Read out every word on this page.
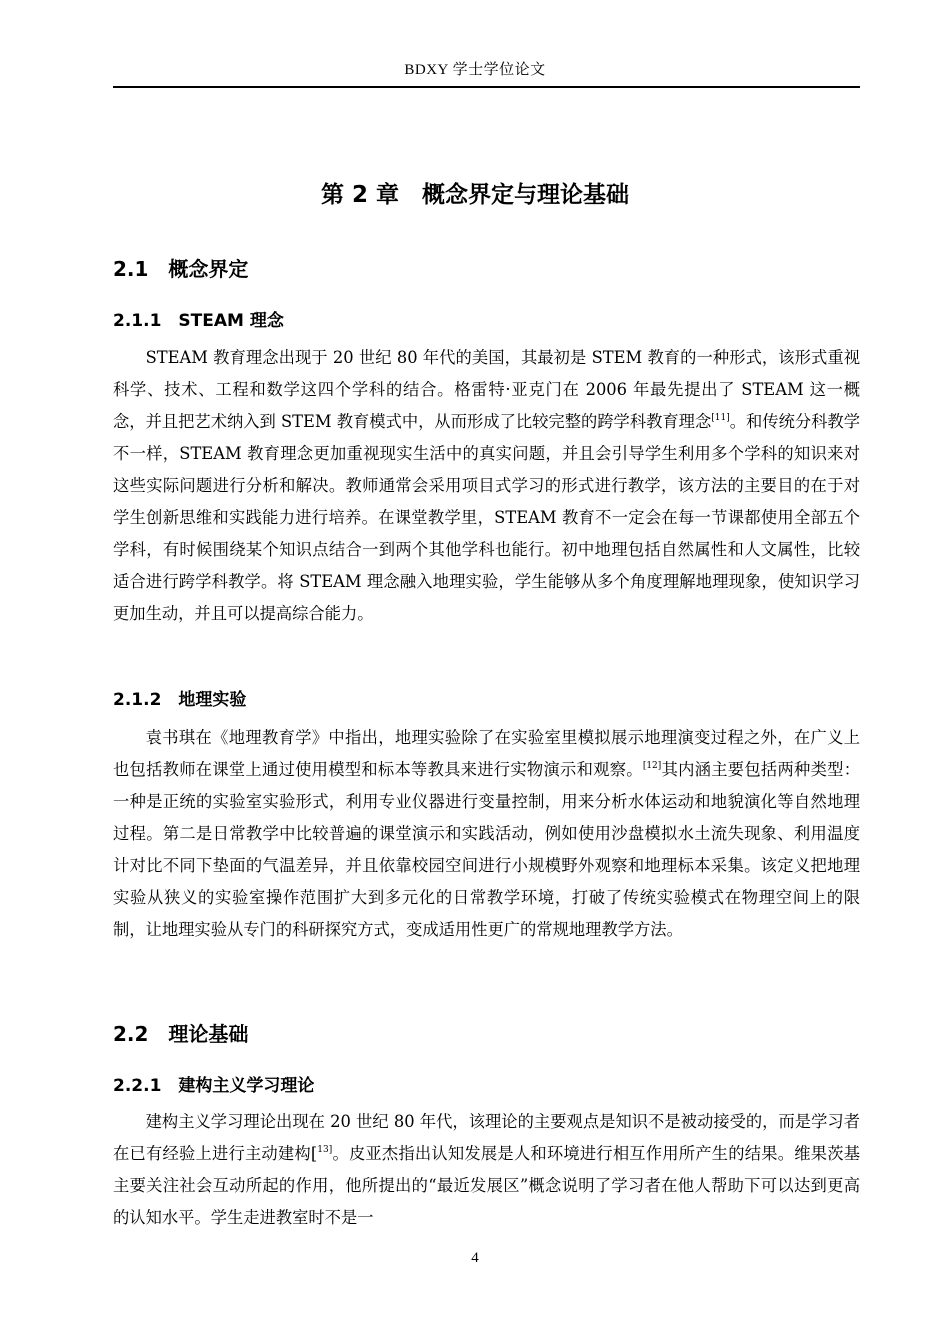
BDXY 学士学位论文
第 2 章　概念界定与理论基础
2.1　概念界定
2.1.1　STEAM 理念

STEAM 教育理念出现于 20 世纪 80 年代的美国，其最初是 STEM 教育的一种形式，该形式重视科学、技术、工程和数学这四个学科的结合。格雷特·亚克门在 2006 年最先提出了 STEAM 这一概念，并且把艺术纳入到 STEM 教育模式中，从而形成了比较完整的跨学科教育理念[11]。和传统分科教学不一样，STEAM 教育理念更加重视现实生活中的真实问题，并且会引导学生利用多个学科的知识来对这些实际问题进行分析和解决。教师通常会采用项目式学习的形式进行教学，该方法的主要目的在于对学生创新思维和实践能力进行培养。在课堂教学里，STEAM 教育不一定会在每一节课都使用全部五个学科，有时候围绕某个知识点结合一到两个其他学科也能行。初中地理包括自然属性和人文属性，比较适合进行跨学科教学。将 STEAM 理念融入地理实验，学生能够从多个角度理解地理现象，使知识学习更加生动，并且可以提高综合能力。

2.1.2　地理实验

袁书琪在《地理教育学》中指出，地理实验除了在实验室里模拟展示地理演变过程之外，在广义上也包括教师在课堂上通过使用模型和标本等教具来进行实物演示和观察。[12]其内涵主要包括两种类型：一种是正统的实验室实验形式，利用专业仪器进行变量控制，用来分析水体运动和地貌演化等自然地理过程。第二是日常教学中比较普遍的课堂演示和实践活动，例如使用沙盘模拟水土流失现象、利用温度计对比不同下垫面的气温差异，并且依靠校园空间进行小规模野外观察和地理标本采集。该定义把地理实验从狭义的实验室操作范围扩大到多元化的日常教学环境，打破了传统实验模式在物理空间上的限制，让地理实验从专门的科研探究方式，变成适用性更广的常规地理教学方法。

2.2　理论基础
2.2.1　建构主义学习理论

建构主义学习理论出现在 20 世纪 80 年代，该理论的主要观点是知识不是被动接受的，而是学习者在已有经验上进行主动建构[$^{13]}$。皮亚杰指出认知发展是人和环境进行相互作用所产生的结果。维果茨基主要关注社会互动所起的作用，他所提出的“最近发展区”概念说明了学习者在他人帮助下可以达到更高的认知水平。学生走进教室时不是一

4
